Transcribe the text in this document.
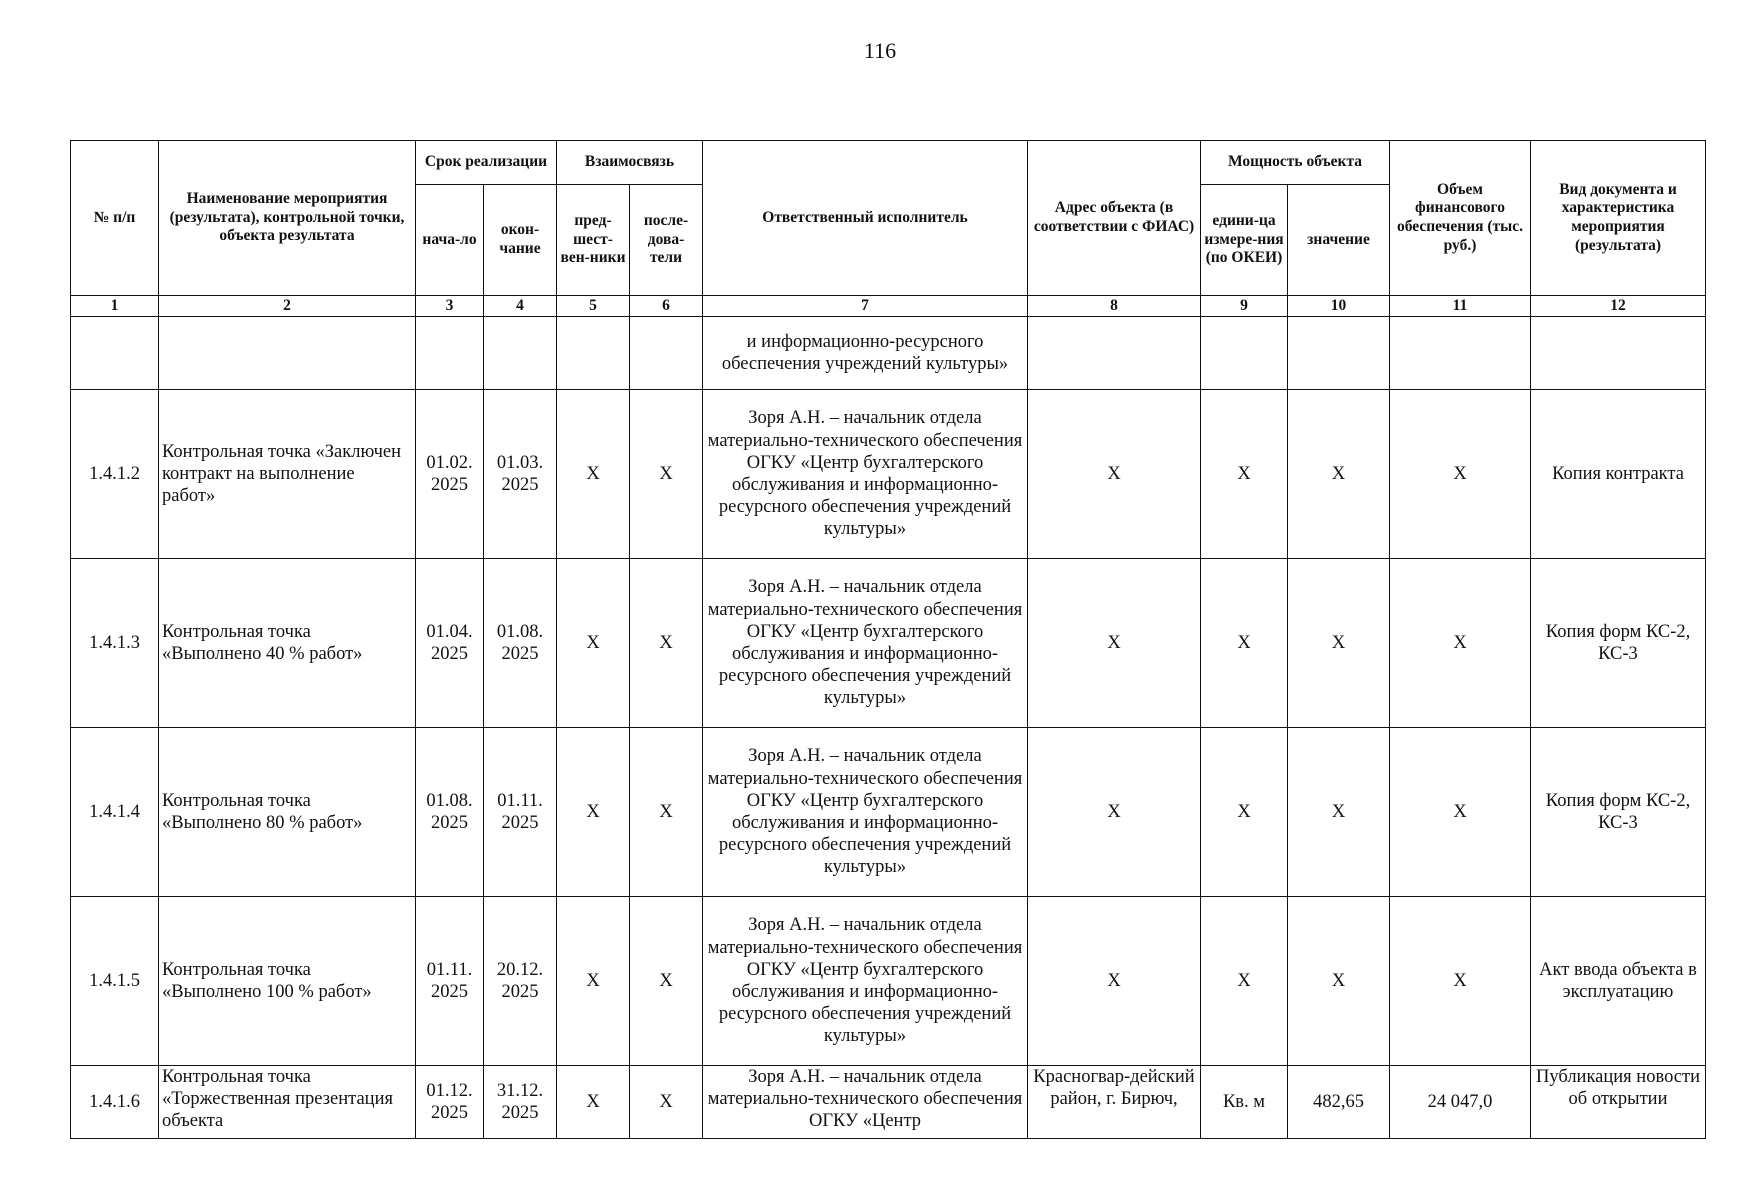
116
№ п/п	Наименование мероприятия (результата), контрольной точки, объекта результата	Срок реализации		Взаимосвязь		Ответственный исполнитель	Адрес объекта (в соответствии с ФИАС)	Мощность объекта		Объем финансового обеспечения (тыс. руб.)	Вид документа и характеристика мероприятия (результата)
		нача-ло	окон-чание	пред-шест-вен-ники	после-дова-тели			едини-ца измере-ния (по ОКЕИ)	значение		
1	2	3	4	5	6	7	8	9	10	11	12
						и информационно-ресурсного обеспечения учреждений культуры»					
1.4.1.2	Контрольная точка «Заключен контракт на выполнение работ»	01.02. 2025	01.03. 2025	X	X	Зоря А.Н. – начальник отдела материально-технического обеспечения ОГКУ «Центр бухгалтерского обслуживания и информационно-ресурсного обеспечения учреждений культуры»	X	X	X	X	Копия контракта
1.4.1.3	Контрольная точка «Выполнено 40 % работ»	01.04. 2025	01.08. 2025	X	X	Зоря А.Н. – начальник отдела материально-технического обеспечения ОГКУ «Центр бухгалтерского обслуживания и информационно-ресурсного обеспечения учреждений культуры»	X	X	X	X	Копия форм КС-2, КС-3
1.4.1.4	Контрольная точка «Выполнено 80 % работ»	01.08. 2025	01.11. 2025	X	X	Зоря А.Н. – начальник отдела материально-технического обеспечения ОГКУ «Центр бухгалтерского обслуживания и информационно-ресурсного обеспечения учреждений культуры»	X	X	X	X	Копия форм КС-2, КС-3
1.4.1.5	Контрольная точка «Выполнено 100 % работ»	01.11. 2025	20.12. 2025	X	X	Зоря А.Н. – начальник отдела материально-технического обеспечения ОГКУ «Центр бухгалтерского обслуживания и информационно-ресурсного обеспечения учреждений культуры»	X	X	X	X	Акт ввода объекта в эксплуатацию
1.4.1.6	Контрольная точка «Торжественная презентация объекта	01.12. 2025	31.12. 2025	X	X	Зоря А.Н. – начальник отдела материально-технического обеспечения ОГКУ «Центр	Красногвар-дейский район, г. Бирюч,	Кв. м	482,65	24 047,0	Публикация новости об открытии
